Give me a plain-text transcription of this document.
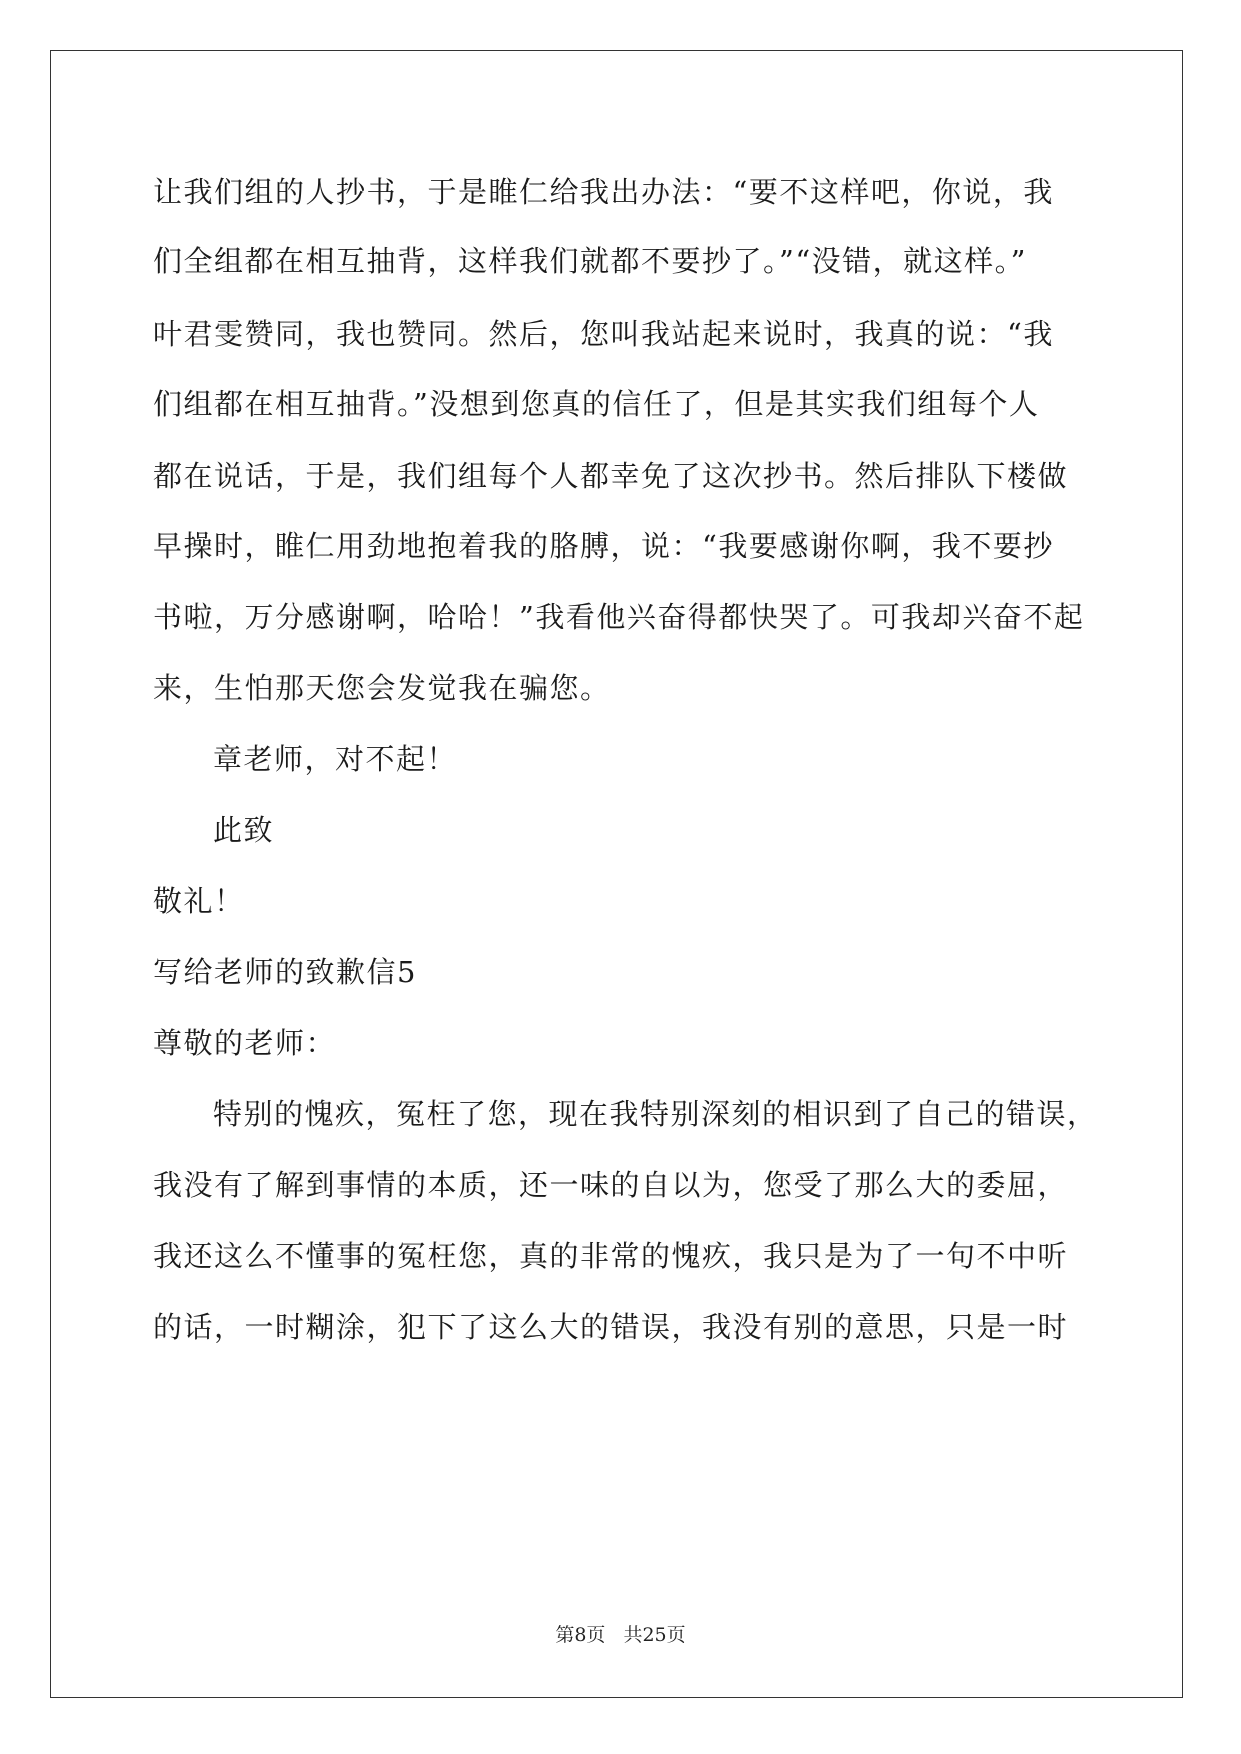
让我们组的人抄书，于是睢仁给我出办法：“要不这样吧，你说，我
们全组都在相互抽背，这样我们就都不要抄了。”“没错，就这样。”
叶君雯赞同，我也赞同。然后，您叫我站起来说时，我真的说：“我
们组都在相互抽背。”没想到您真的信任了，但是其实我们组每个人
都在说话，于是，我们组每个人都幸免了这次抄书。然后排队下楼做
早操时，睢仁用劲地抱着我的胳膊，说：“我要感谢你啊，我不要抄
书啦，万分感谢啊，哈哈！”我看他兴奋得都快哭了。可我却兴奋不起
来，生怕那天您会发觉我在骗您。
章老师，对不起！
此致
敬礼！
写给老师的致歉信5
尊敬的老师：
特别的愧疚，冤枉了您，现在我特别深刻的相识到了自己的错误，
我没有了解到事情的本质，还一味的自以为，您受了那么大的委屈，
我还这么不懂事的冤枉您，真的非常的愧疚，我只是为了一句不中听
的话，一时糊涂，犯下了这么大的错误，我没有别的意思，只是一时
第8页 共25页
